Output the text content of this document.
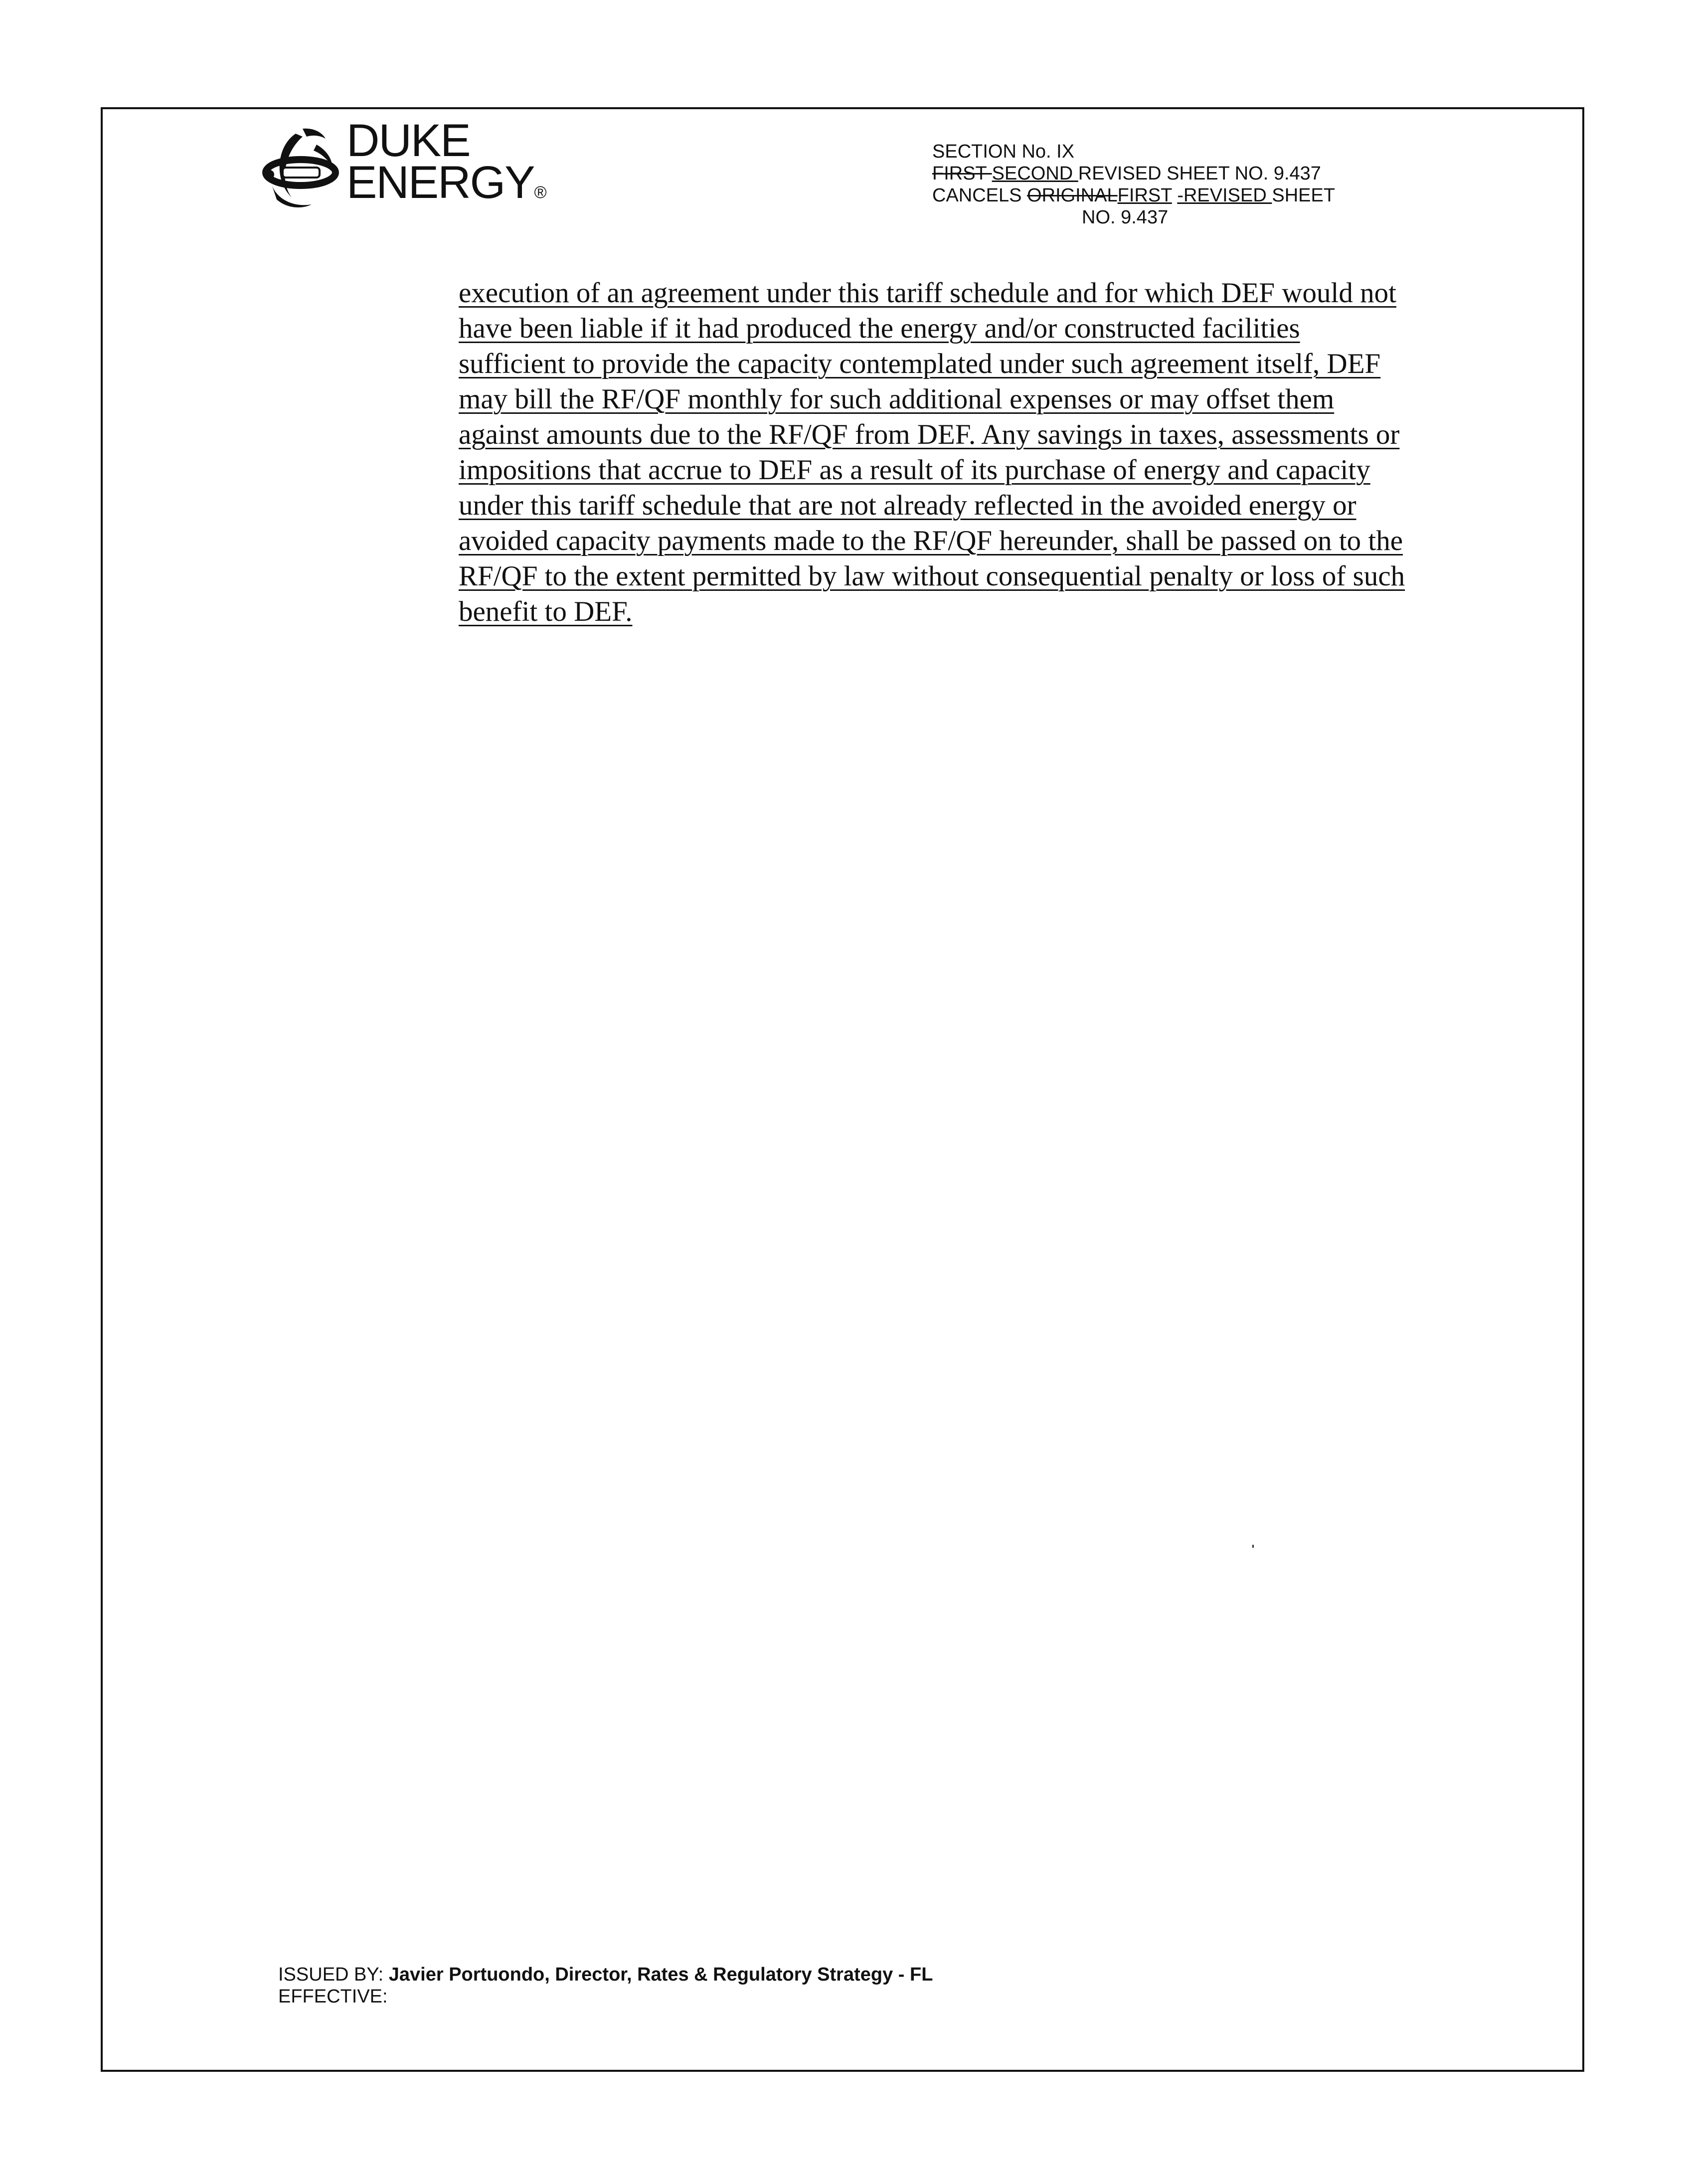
DUKE
ENERGY®
SECTION No. IX
FIRST SECOND REVISED SHEET NO. 9.437
CANCELS ORIGINALFIRST -REVISED SHEET
NO. 9.437

execution of an agreement under this tariff schedule and for which DEF would not have been liable if it had produced the energy and/or constructed facilities sufficient to provide the capacity contemplated under such agreement itself, DEF may bill the RF/QF monthly for such additional expenses or may offset them against amounts due to the RF/QF from DEF. Any savings in taxes, assessments or impositions that accrue to DEF as a result of its purchase of energy and capacity under this tariff schedule that are not already reflected in the avoided energy or avoided capacity payments made to the RF/QF hereunder, shall be passed on to the RF/QF to the extent permitted by law without consequential penalty or loss of such benefit to DEF.

ISSUED BY: Javier Portuondo, Director, Rates & Regulatory Strategy - FL
EFFECTIVE:
